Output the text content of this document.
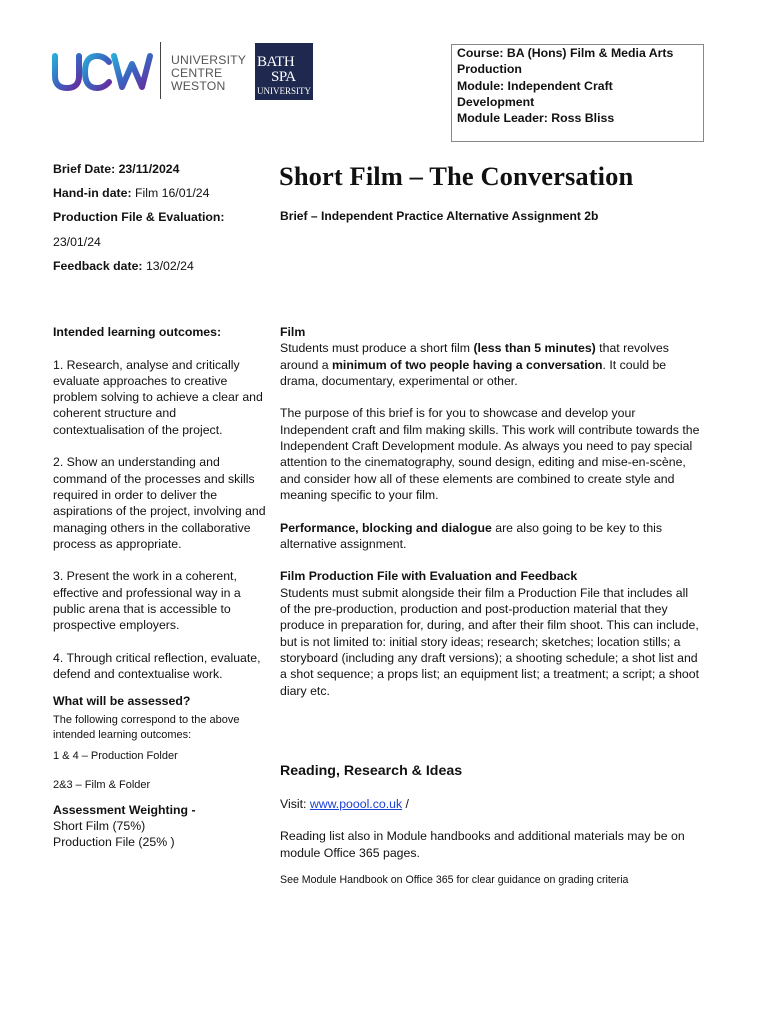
UNIVERSITY
CENTRE
WESTON
BATH
SPA
UNIVERSITY
Course: BA (Hons) Film & Media Arts
Production
Module: Independent Craft
Development
Module Leader: Ross Bliss
Brief Date: 23/11/2024
Hand-in date: Film 16/01/24
Production File & Evaluation:
23/01/24
Feedback date: 13/02/24
Short Film – The Conversation
Brief – Independent Practice Alternative Assignment 2b

Intended learning outcomes:

1. Research, analyse and critically evaluate approaches to creative problem solving to achieve a clear and coherent structure and contextualisation of the project.

2. Show an understanding and command of the processes and skills required in order to deliver the aspirations of the project, involving and managing others in the collaborative process as appropriate.

3. Present the work in a coherent, effective and professional way in a public arena that is accessible to prospective employers.

4. Through critical reflection, evaluate, defend and contextualise work.

What will be assessed?

The following correspond to the above intended learning outcomes:

1 & 4 – Production Folder

2&3 – Film & Folder

Assessment Weighting -

Short Film (75%)

Production File (25% )

Film

Students must produce a short film (less than 5 minutes) that revolves around a minimum of two people having a conversation. It could be drama, documentary, experimental or other.

The purpose of this brief is for you to showcase and develop your Independent craft and film making skills. This work will contribute towards the Independent Craft Development module. As always you need to pay special attention to the cinematography, sound design, editing and mise-en-scène, and consider how all of these elements are combined to create style and meaning specific to your film.

Performance, blocking and dialogue are also going to be key to this alternative assignment.

Film Production File with Evaluation and Feedback

Students must submit alongside their film a Production File that includes all of the pre-production, production and post-production material that they produce in preparation for, during, and after their film shoot. This can include, but is not limited to: initial story ideas; research; sketches; location stills; a storyboard (including any draft versions); a shooting schedule; a shot list and a shot sequence; a props list; an equipment list; a treatment; a script; a shoot diary etc.

Reading, Research & Ideas

Visit: www.poool.co.uk /

Reading list also in Module handbooks and additional materials may be on module Office 365 pages.

See Module Handbook on Office 365 for clear guidance on grading criteria
